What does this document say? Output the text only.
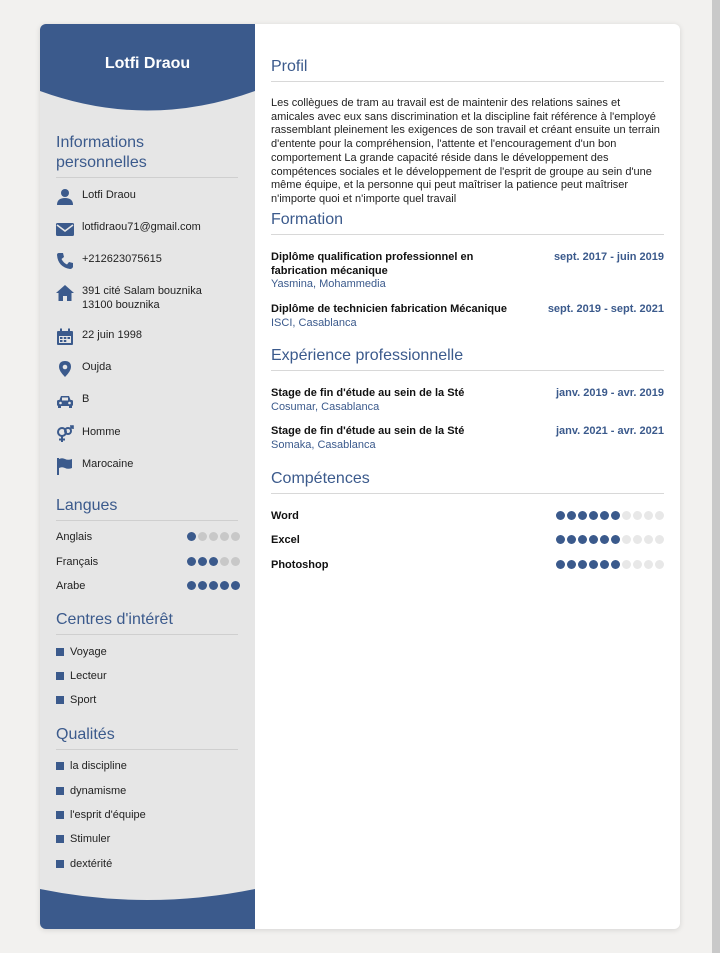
Lotfi Draou
Informations personnelles
Lotfi Draou
lotfidraou71@gmail.com
+212623075615
391 cité Salam bouznika
13100 bouznika
22 juin 1998
Oujda
B
Homme
Marocaine
Langues
Anglais
Français
Arabe
Centres d'intérêt
Voyage
Lecteur
Sport
Qualités
la discipline
dynamisme
l'esprit d'équipe
Stimuler
dextérité
Profil
Les collègues de tram au travail est de maintenir des relations saines et amicales avec eux sans discrimination et la discipline fait référence à l'employé rassemblant pleinement les exigences de son travail et créant ensuite un terrain d'entente pour la compréhension, l'attente et l'encouragement d'un bon comportement La grande capacité réside dans le développement des compétences sociales et le développement de l'esprit de groupe au sein d'une même équipe, et la personne qui peut maîtriser la patience peut maîtriser n'importe quoi et n'importe quel travail
Formation
Diplôme qualification professionnel en fabrication mécanique
sept. 2017 - juin 2019
Yasmina, Mohammedia
Diplôme de technicien fabrication Mécanique	sept. 2019 - sept. 2021
ISCI, Casablanca
Expérience professionnelle
Stage de fin d'étude au sein de la Sté	janv. 2019 - avr. 2019
Cosumar, Casablanca
Stage de fin d'étude au sein de la Sté	janv. 2021 - avr. 2021
Somaka, Casablanca
Compétences
Word
Excel
Photoshop
